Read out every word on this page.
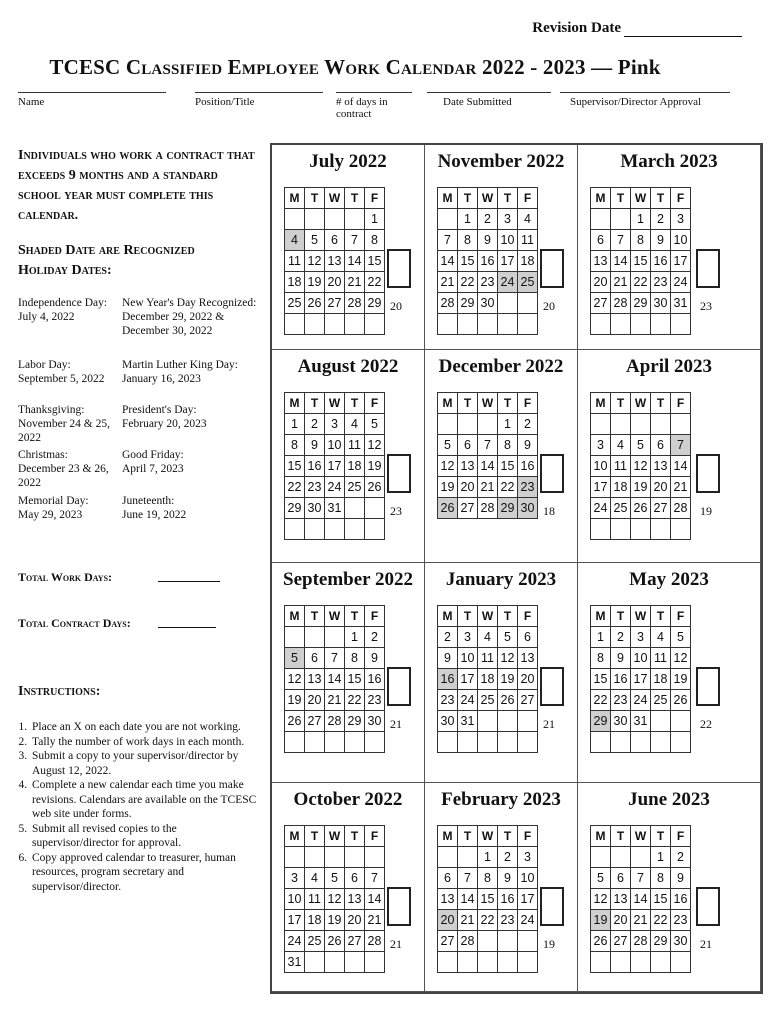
Revision Date
TCESC Classified Employee Work Calendar 2022 - 2023 — Pink
Name	Position/Title	# of days in contract
Date Submitted	Supervisor/Director Approval
Individuals who work a contract that exceeds 9 months and a standard school year must complete this calendar.
Shaded Date are Recognized Holiday Dates:
Independence Day:
July 4, 2022
New Year's Day Recognized:
December 29, 2022 &
December 30, 2022
Labor Day:
September 5, 2022
Martin Luther King Day:
January 16, 2023
Thanksgiving:
November 24 & 25, 2022
President's Day:
February 20, 2023
Christmas:
December 23 & 26, 2022
Good Friday:
April 7, 2023
Memorial Day:
May 29, 2023
Juneteenth:
June 19, 2022
Total Work Days:
Total Contract Days:
Instructions:
1. Place an X on each date you are not working.
2. Tally the number of work days in each month.
3. Submit a copy to your supervisor/director by August 12, 2022.
4. Complete a new calendar each time you make revisions. Calendars are available on the TCESC web site under forms.
5. Submit all revised copies to the supervisor/director for approval.
6. Copy approved calendar to treasurer, human resources, program secretary and supervisor/director.
July 2022
M	T	W	T	F
				1
4	5	6	7	8
11	12	13	14	15
18	19	20	21	22
25	26	27	28	29
				20
November 2022
M	T	W	T	F
	1	2	3	4
7	8	9	10	11
14	15	16	17	18
21	22	23	24	25
28	29	30		
					20
March 2023
M	T	W	T	F
		1	2	3
6	7	8	9	10
13	14	15	16	17
20	21	22	23	24
27	28	29	30	31
				23
August 2022
M	T	W	T	F
1	2	3	4	5
8	9	10	11	12
15	16	17	18	19
22	23	24	25	26
29	30	31		
					23
December 2022
M	T	W	T	F
			1	2
5	6	7	8	9
12	13	14	15	16
19	20	21	22	23
26	27	28	29	30 18
April 2023
M	T	W	T	F

3	4	5	6	7
10	11	12	13	14
17	18	19	20	21
24	25	26	27	28
				19
September 2022
M	T	W	T	F
			1	2
5	6	7	8	9
12	13	14	15	16
19	20	21	22	23
26	27	28	29	30
				21
January 2023
M	T	W	T	F
2	3	4	5	6
9	10	11	12	13
16	17	18	19	20
23	24	25	26	27
30	31			
					21
May 2023
M	T	W	T	F
1	2	3	4	5
8	9	10	11	12
15	16	17	18	19
22	23	24	25	26
29	30	31		
					22
October 2022
M	T	W	T	F

3	4	5	6	7
10	11	12	13	14
17	18	19	20	21
24	25	26	27	28
31				
21
February 2023
M	T	W	T	F
		1	2	3
6	7	8	9	10
13	14	15	16	17
20	21	22	23	24
27	28			
					19
June 2023
M	T	W	T	F
			1	2
5	6	7	8	9
12	13	14	15	16
19	20	21	22	23
26	27	28	29	30
				21
